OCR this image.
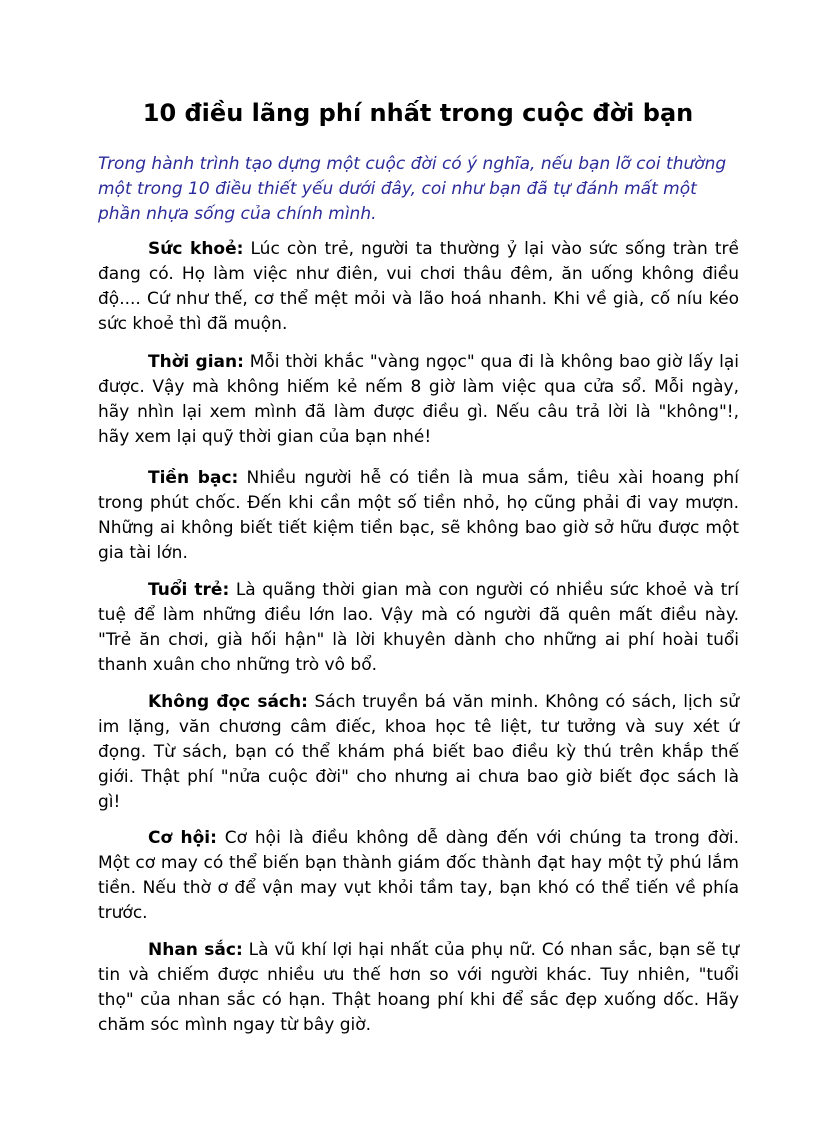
10 điều lãng phí nhất trong cuộc đời bạn
Trong hành trình tạo dựng một cuộc đời có ý nghĩa, nếu bạn lỡ coi thường
một trong 10 điều thiết yếu dưới đây, coi như bạn đã tự đánh mất một
phần nhựa sống của chính mình.
Sức khoẻ: Lúc còn trẻ, người ta thường ỷ lại vào sức sống tràn trề
đang có. Họ làm việc như điên, vui chơi thâu đêm, ăn uống không điều
độ.... Cứ như thế, cơ thể mệt mỏi và lão hoá nhanh. Khi về già, cố níu kéo
sức khoẻ thì đã muộn.
Thời gian: Mỗi thời khắc "vàng ngọc" qua đi là không bao giờ lấy lại
được. Vậy mà không hiếm kẻ nếm 8 giờ làm việc qua cửa sổ. Mỗi ngày,
hãy nhìn lại xem mình đã làm được điều gì. Nếu câu trả lời là "không"!,
hãy xem lại quỹ thời gian của bạn nhé!
Tiền bạc: Nhiều người hễ có tiền là mua sắm, tiêu xài hoang phí
trong phút chốc. Đến khi cần một số tiền nhỏ, họ cũng phải đi vay mượn.
Những ai không biết tiết kiệm tiền bạc, sẽ không bao giờ sở hữu được một
gia tài lớn.
Tuổi trẻ: Là quãng thời gian mà con người có nhiều sức khoẻ và trí
tuệ để làm những điều lớn lao. Vậy mà có người đã quên mất điều này.
"Trẻ ăn chơi, già hối hận" là lời khuyên dành cho những ai phí hoài tuổi
thanh xuân cho những trò vô bổ.
Không đọc sách: Sách truyền bá văn minh. Không có sách, lịch sử
im lặng, văn chương câm điếc, khoa học tê liệt, tư tưởng và suy xét ứ
đọng. Từ sách, bạn có thể khám phá biết bao điều kỳ thú trên khắp thế
giới. Thật phí "nửa cuộc đời" cho nhưng ai chưa bao giờ biết đọc sách là
gì!
Cơ hội: Cơ hội là điều không dễ dàng đến với chúng ta trong đời.
Một cơ may có thể biến bạn thành giám đốc thành đạt hay một tỷ phú lắm
tiền. Nếu thờ ơ để vận may vụt khỏi tầm tay, bạn khó có thể tiến về phía
trước.
Nhan sắc: Là vũ khí lợi hại nhất của phụ nữ. Có nhan sắc, bạn sẽ tự
tin và chiếm được nhiều ưu thế hơn so với người khác. Tuy nhiên, "tuổi
thọ" của nhan sắc có hạn. Thật hoang phí khi để sắc đẹp xuống dốc. Hãy
chăm sóc mình ngay từ bây giờ.
